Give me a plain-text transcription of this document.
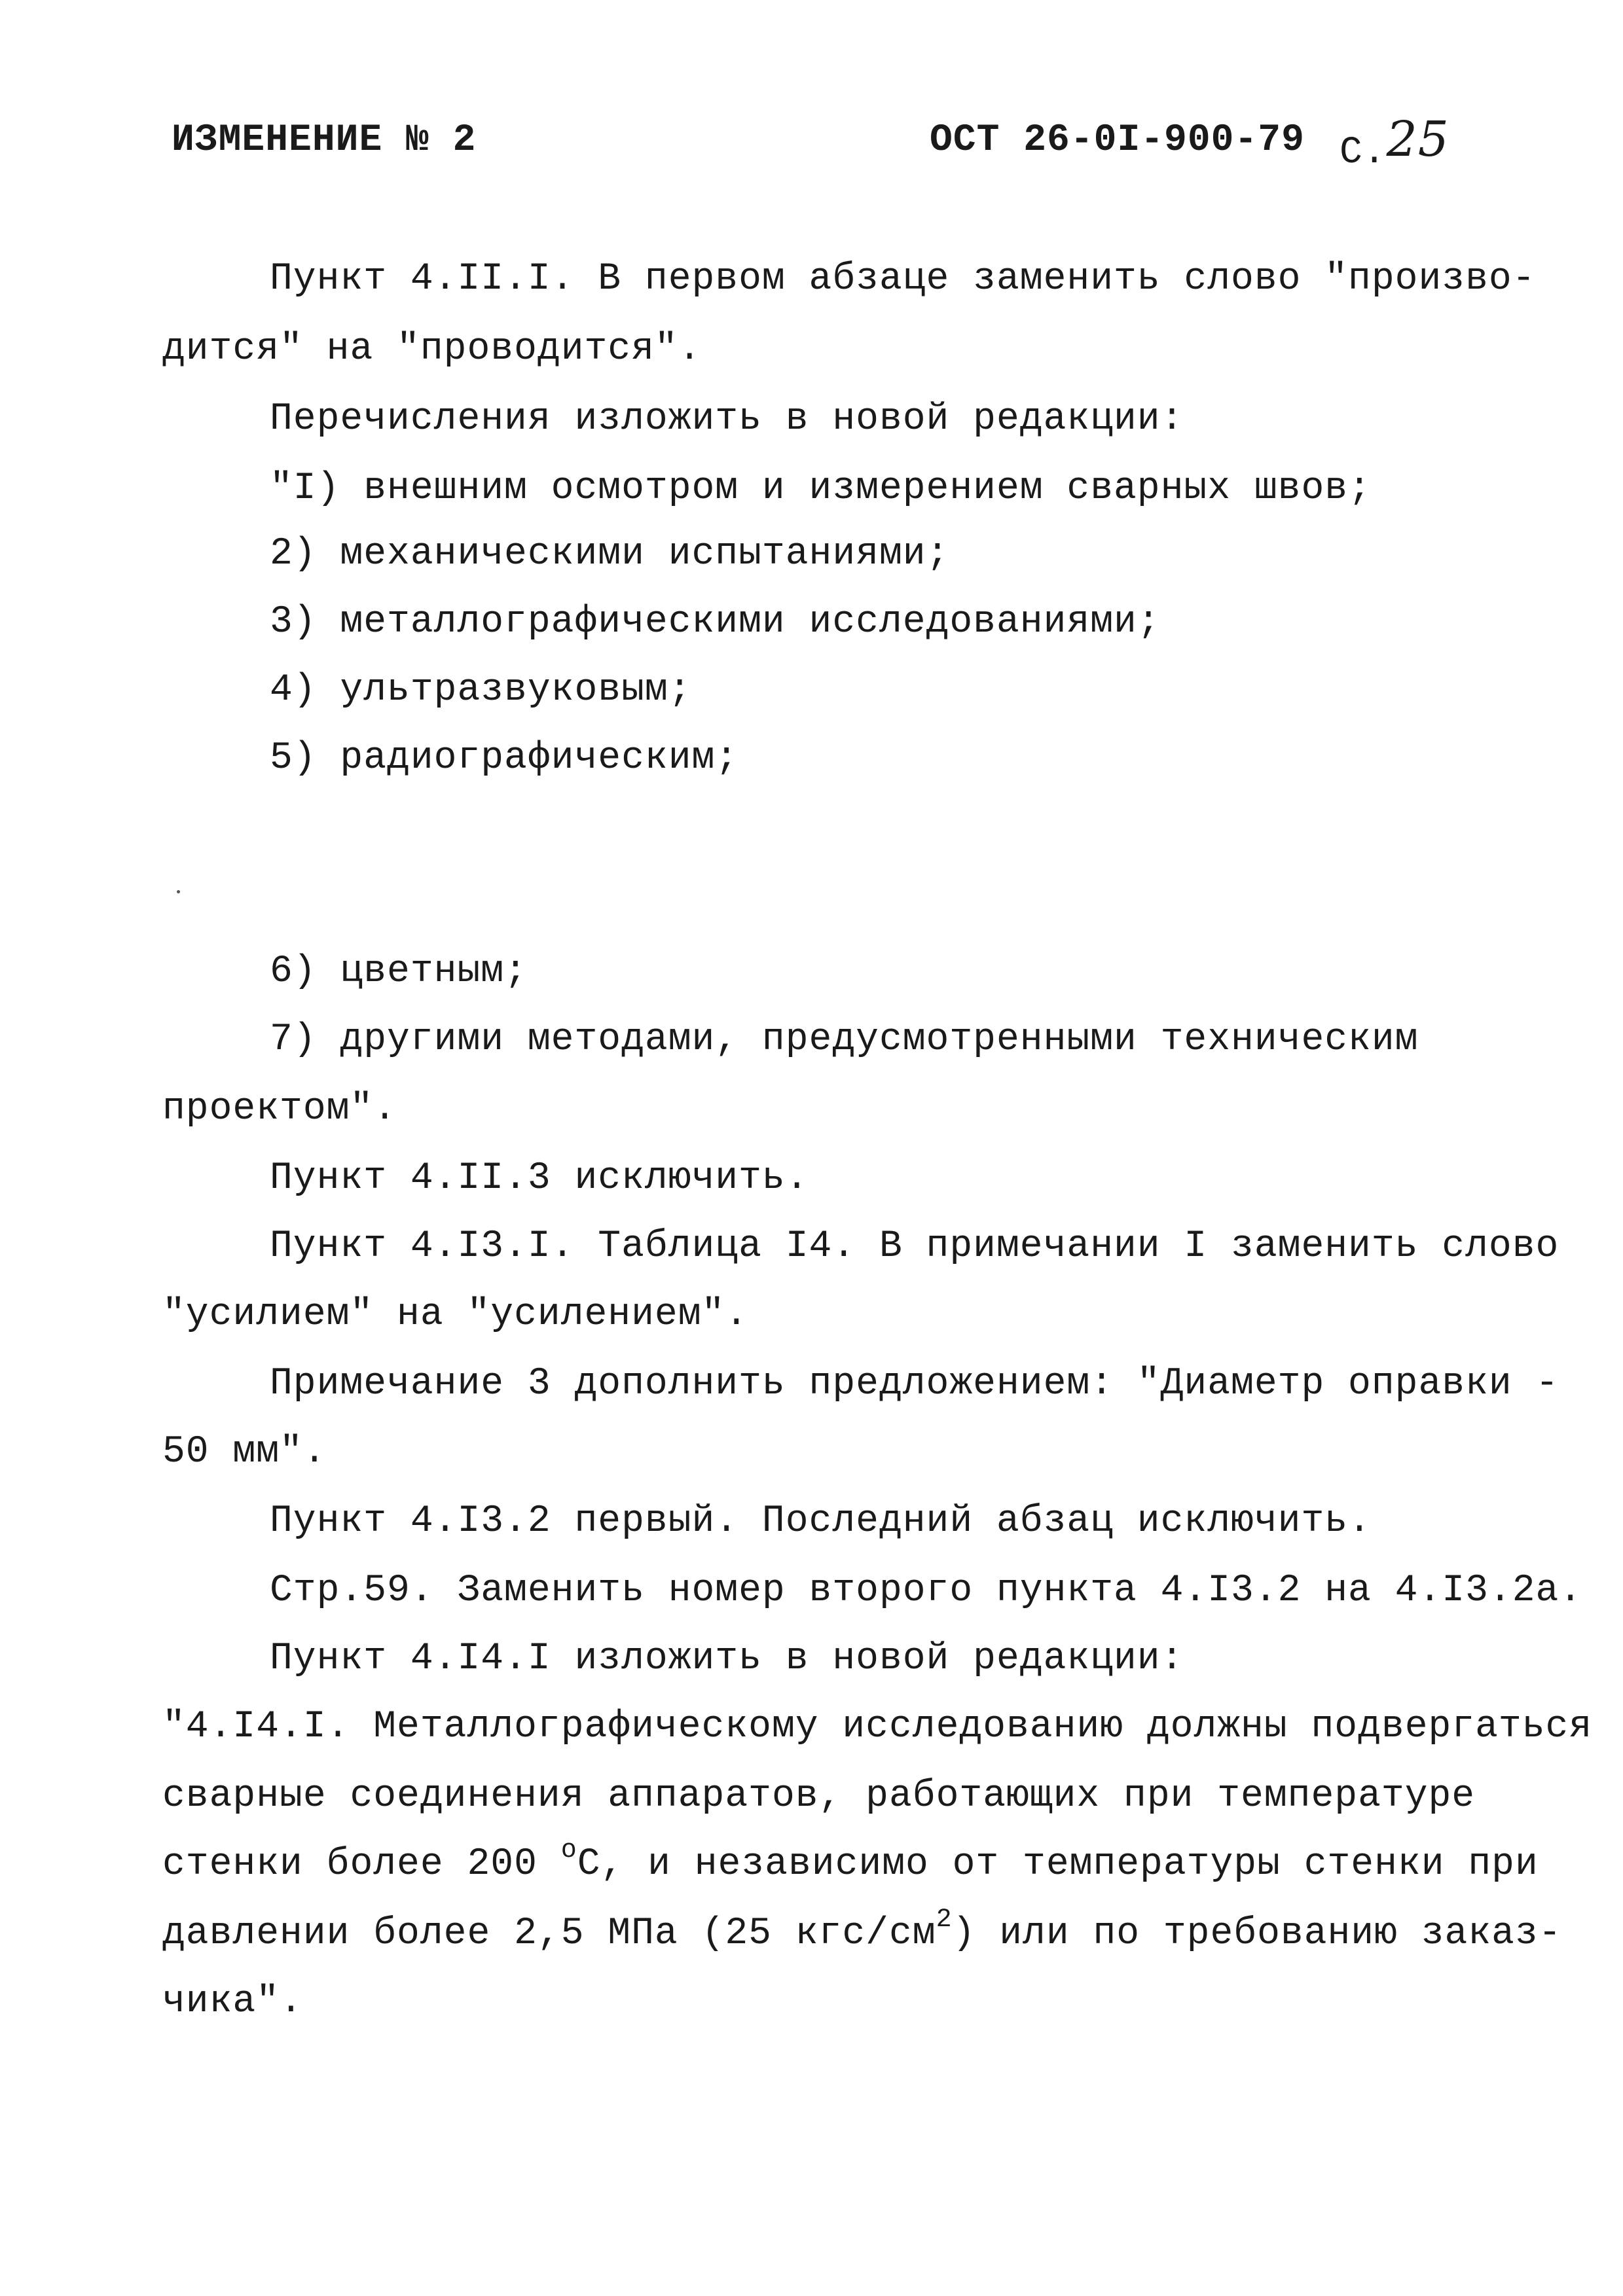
ИЗМЕНЕНИЕ № 2	ОСТ 26-0I-900-79 С.25
Пункт 4.II.I. В первом абзаце заменить слово "произво-
дится" на "проводится".
Перечисления изложить в новой редакции:
"I) внешним осмотром и измерением сварных швов;
2) механическими испытаниями;
3) металлографическими исследованиями;
4) ультразвуковым;
5) радиографическим;
6) цветным;
7) другими методами, предусмотренными техническим
проектом".
Пункт 4.II.3 исключить.
Пункт 4.I3.I. Таблица I4. В примечании I заменить слово
"усилием" на "усилением".
Примечание 3 дополнить предложением: "Диаметр оправки -
50 мм".
Пункт 4.I3.2 первый. Последний абзац исключить.
Стр.59. Заменить номер второго пункта 4.I3.2 на 4.I3.2а.
Пункт 4.I4.I изложить в новой редакции:
"4.I4.I. Металлографическому исследованию должны подвергаться
сварные соединения аппаратов, работающих при температуре
стенки более 200 $^o$С, и независимо от температуры стенки при
давлении более 2,5 МПа (25 кгс/$см^2$) или по требованию заказ-
чика".
